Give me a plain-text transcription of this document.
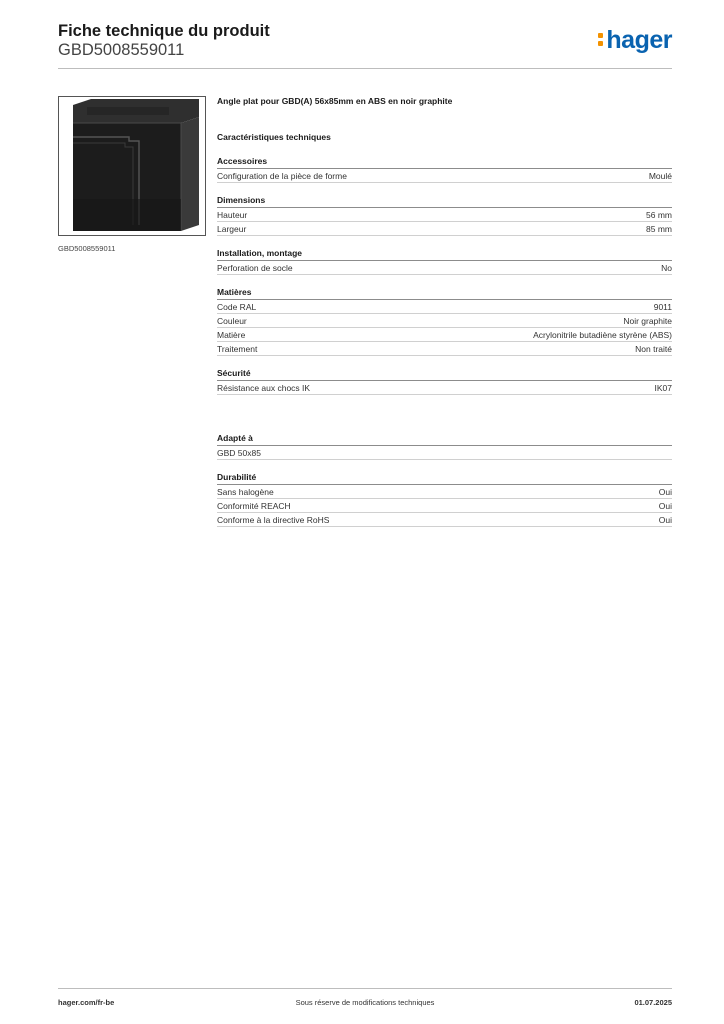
Fiche technique du produit
GBD5008559011	hager
GBD5008559011
Angle plat pour GBD(A) 56x85mm en ABS en noir graphite
Caractéristiques techniques
Accessoires
Configuration de la pièce de forme	Moulé
Dimensions
Hauteur	56 mm
Largeur	85 mm
Installation, montage
Perforation de socle	No
Matières
Code RAL	9011
Couleur	Noir graphite
Matière	Acrylonitrile butadiène styrène (ABS)
Traitement	Non traité
Sécurité
Résistance aux chocs IK	IK07
Adapté à
GBD 50x85
Durabilité
Sans halogène	Oui
Conformité REACH	Oui
Conforme à la directive RoHS	Oui
Sous réserve de modifications techniques
hager.com/fr-be	01.07.2025
